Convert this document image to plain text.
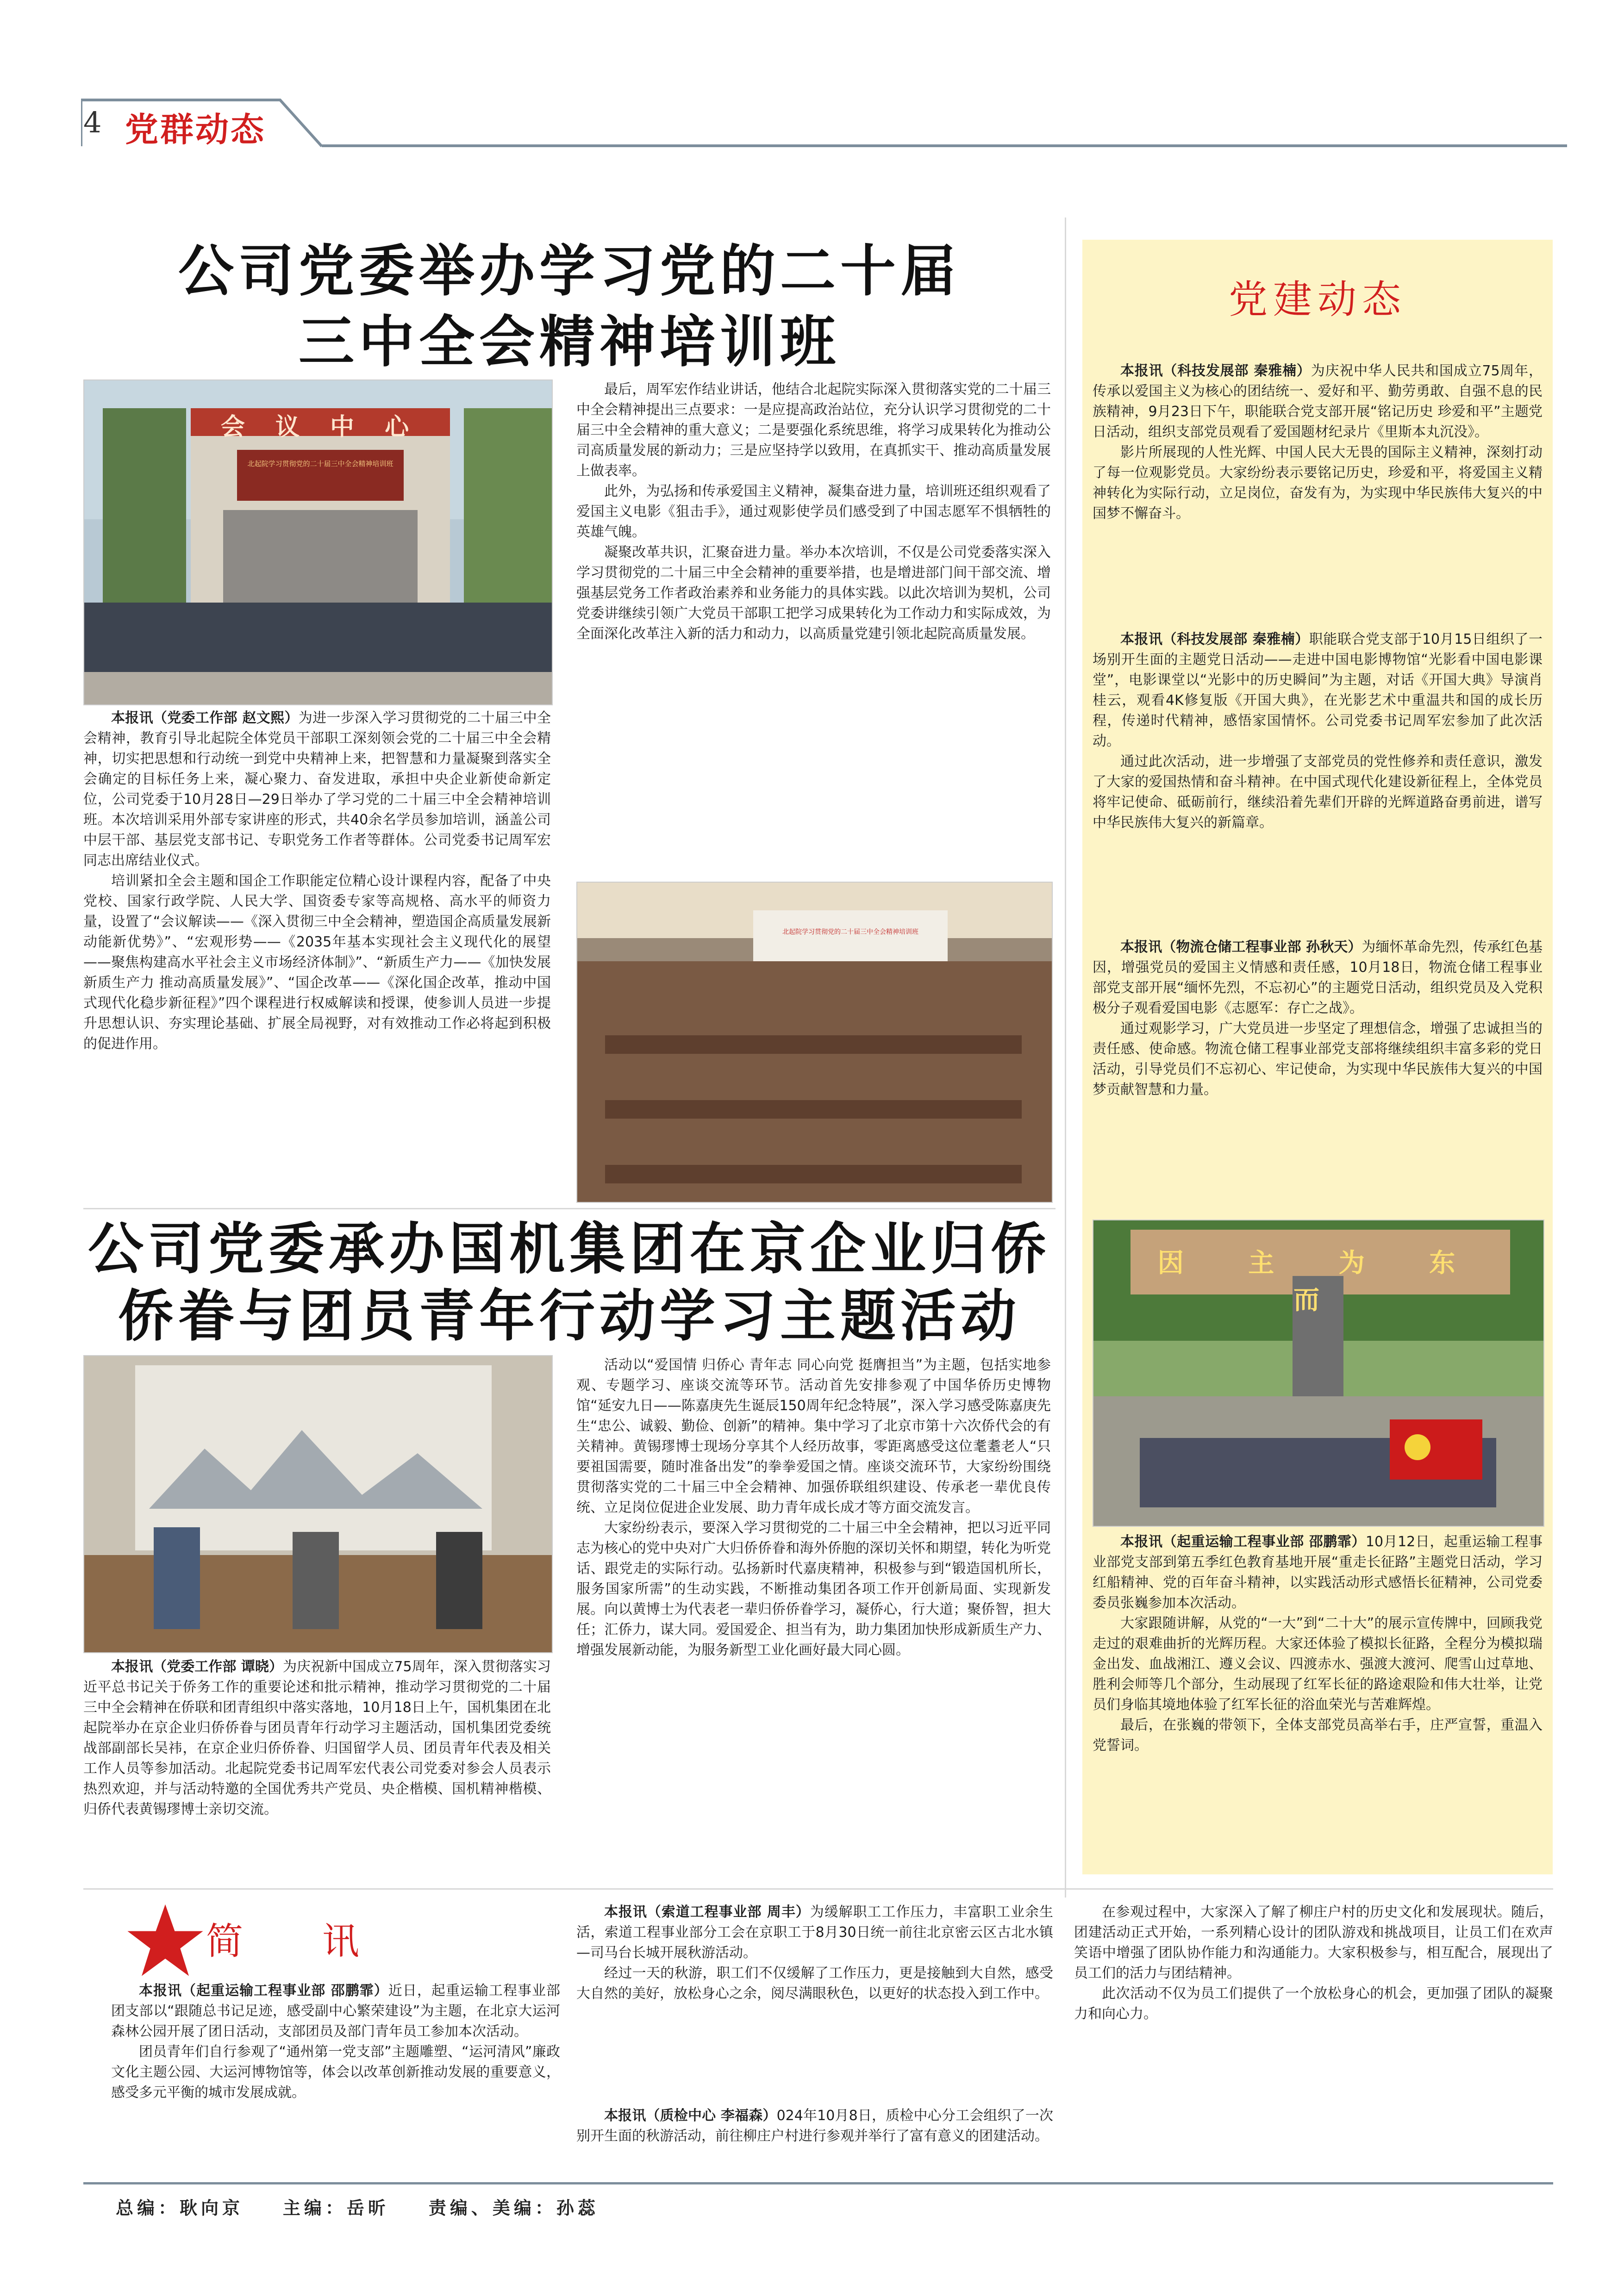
4 党群动态
公司党委举办学习党的二十届
三中全会精神培训班
会 议 中 心
北起院学习贯彻党的二十届三中全会精神培训班

本报讯（党委工作部 赵文熙）为进一步深入学习贯彻党的二十届三中全会精神，教育引导北起院全体党员干部职工深刻领会党的二十届三中全会精神，切实把思想和行动统一到党中央精神上来，把智慧和力量凝聚到落实全会确定的目标任务上来，凝心聚力、奋发进取，承担中央企业新使命新定位，公司党委于10月28日—29日举办了学习党的二十届三中全会精神培训班。本次培训采用外部专家讲座的形式，共40余名学员参加培训，涵盖公司中层干部、基层党支部书记、专职党务工作者等群体。公司党委书记周军宏同志出席结业仪式。

培训紧扣全会主题和国企工作职能定位精心设计课程内容，配备了中央党校、国家行政学院、人民大学、国资委专家等高规格、高水平的师资力量，设置了“会议解读——《深入贯彻三中全会精神，塑造国企高质量发展新动能新优势》”、“宏观形势——《2035年基本实现社会主义现代化的展望——聚焦构建高水平社会主义市场经济体制》”、“新质生产力——《加快发展新质生产力 推动高质量发展》”、“国企改革——《深化国企改革，推动中国式现代化稳步新征程》”四个课程进行权威解读和授课，使参训人员进一步提升思想认识、夯实理论基础、扩展全局视野，对有效推动工作必将起到积极的促进作用。

最后，周军宏作结业讲话，他结合北起院实际深入贯彻落实党的二十届三中全会精神提出三点要求：一是应提高政治站位，充分认识学习贯彻党的二十届三中全会精神的重大意义；二是要强化系统思维，将学习成果转化为推动公司高质量发展的新动力；三是应坚持学以致用，在真抓实干、推动高质量发展上做表率。

此外，为弘扬和传承爱国主义精神，凝集奋进力量，培训班还组织观看了爱国主义电影《狙击手》，通过观影使学员们感受到了中国志愿军不惧牺牲的英雄气魄。

凝聚改革共识，汇聚奋进力量。举办本次培训，不仅是公司党委落实深入学习贯彻党的二十届三中全会精神的重要举措，也是增进部门间干部交流、增强基层党务工作者政治素养和业务能力的具体实践。以此次培训为契机，公司党委讲继续引领广大党员干部职工把学习成果转化为工作动力和实际成效，为全面深化改革注入新的活力和动力，以高质量党建引领北起院高质量发展。

北起院学习贯彻党的二十届三中全会精神培训班
公司党委承办国机集团在京企业归侨
侨眷与团员青年行动学习主题活动

本报讯（党委工作部 谭晓）为庆祝新中国成立75周年，深入贯彻落实习近平总书记关于侨务工作的重要论述和批示精神，推动学习贯彻党的二十届三中全会精神在侨联和团青组织中落实落地，10月18日上午，国机集团在北起院举办在京企业归侨侨眷与团员青年行动学习主题活动，国机集团党委统战部副部长吴祎，在京企业归侨侨眷、归国留学人员、团员青年代表及相关工作人员等参加活动。北起院党委书记周军宏代表公司党委对参会人员表示热烈欢迎，并与活动特邀的全国优秀共产党员、央企楷模、国机精神楷模、归侨代表黄锡璆博士亲切交流。

活动以“爱国情 归侨心 青年志 同心向党 挺膺担当”为主题，包括实地参观、专题学习、座谈交流等环节。活动首先安排参观了中国华侨历史博物馆“延安九日——陈嘉庚先生诞辰150周年纪念特展”，深入学习感受陈嘉庚先生“忠公、诚毅、勤俭、创新”的精神。集中学习了北京市第十六次侨代会的有关精神。黄锡璆博士现场分享其个人经历故事，零距离感受这位耄耋老人“只要祖国需要，随时准备出发”的拳拳爱国之情。座谈交流环节，大家纷纷围绕贯彻落实党的二十届三中全会精神、加强侨联组织建设、传承老一辈优良传统、立足岗位促进企业发展、助力青年成长成才等方面交流发言。

大家纷纷表示，要深入学习贯彻党的二十届三中全会精神，把以习近平同志为核心的党中央对广大归侨侨眷和海外侨胞的深切关怀和期望，转化为听党话、跟党走的实际行动。弘扬新时代嘉庚精神，积极参与到“锻造国机所长，服务国家所需”的生动实践，不断推动集团各项工作开创新局面、实现新发展。向以黄博士为代表老一辈归侨侨眷学习，凝侨心，行大道；聚侨智，担大任；汇侨力，谋大同。爱国爱企、担当有为，助力集团加快形成新质生产力、增强发展新动能，为服务新型工业化画好最大同心圆。

党建动态

本报讯（科技发展部 秦雅楠）为庆祝中华人民共和国成立75周年，传承以爱国主义为核心的团结统一、爱好和平、勤劳勇敢、自强不息的民族精神，9月23日下午，职能联合党支部开展“铭记历史 珍爱和平”主题党日活动，组织支部党员观看了爱国题材纪录片《里斯本丸沉没》。

影片所展现的人性光辉、中国人民大无畏的国际主义精神，深刻打动了每一位观影党员。大家纷纷表示要铭记历史，珍爱和平，将爱国主义精神转化为实际行动，立足岗位，奋发有为，为实现中华民族伟大复兴的中国梦不懈奋斗。

本报讯（科技发展部 秦雅楠）职能联合党支部于10月15日组织了一场别开生面的主题党日活动——走进中国电影博物馆“光影看中国电影课堂”，电影课堂以“光影中的历史瞬间”为主题，对话《开国大典》导演肖桂云，观看4K修复版《开国大典》，在光影艺术中重温共和国的成长历程，传递时代精神，感悟家国情怀。公司党委书记周军宏参加了此次活动。

通过此次活动，进一步增强了支部党员的党性修养和责任意识，激发了大家的爱国热情和奋斗精神。在中国式现代化建设新征程上，全体党员将牢记使命、砥砺前行，继续沿着先辈们开辟的光辉道路奋勇前进，谱写中华民族伟大复兴的新篇章。

本报讯（物流仓储工程事业部 孙秋天）为缅怀革命先烈，传承红色基因，增强党员的爱国主义情感和责任感，10月18日，物流仓储工程事业部党支部开展“缅怀先烈，不忘初心”的主题党日活动，组织党员及入党积极分子观看爱国电影《志愿军：存亡之战》。

通过观影学习，广大党员进一步坚定了理想信念，增强了忠诚担当的责任感、使命感。物流仓储工程事业部党支部将继续组织丰富多彩的党日活动，引导党员们不忘初心、牢记使命，为实现中华民族伟大复兴的中国梦贡献智慧和力量。

因 主 为 东 而

本报讯（起重运输工程事业部 邵鹏霏）10月12日，起重运输工程事业部党支部到第五季红色教育基地开展“重走长征路”主题党日活动，学习红船精神、党的百年奋斗精神，以实践活动形式感悟长征精神，公司党委委员张巍参加本次活动。

大家跟随讲解，从党的“一大”到“二十大”的展示宣传牌中，回顾我党走过的艰难曲折的光辉历程。大家还体验了模拟长征路，全程分为模拟瑞金出发、血战湘江、遵义会议、四渡赤水、强渡大渡河、爬雪山过草地、胜利会师等几个部分，生动展现了红军长征的路途艰险和伟大壮举，让党员们身临其境地体验了红军长征的浴血荣光与苦难辉煌。

最后，在张巍的带领下，全体支部党员高举右手，庄严宣誓，重温入党誓词。

简  讯

本报讯（起重运输工程事业部 邵鹏霏）近日，起重运输工程事业部团支部以“跟随总书记足迹，感受副中心繁荣建设”为主题，在北京大运河森林公园开展了团日活动，支部团员及部门青年员工参加本次活动。

团员青年们自行参观了“通州第一党支部”主题雕塑、“运河清风”廉政文化主题公园、大运河博物馆等，体会以改革创新推动发展的重要意义，感受多元平衡的城市发展成就。

本报讯（索道工程事业部 周丰）为缓解职工工作压力，丰富职工业余生活，索道工程事业部分工会在京职工于8月30日统一前往北京密云区古北水镇—司马台长城开展秋游活动。

经过一天的秋游，职工们不仅缓解了工作压力，更是接触到大自然，感受大自然的美好，放松身心之余，阅尽满眼秋色，以更好的状态投入到工作中。

本报讯（质检中心 李福森）024年10月8日，质检中心分工会组织了一次别开生面的秋游活动，前往柳庄户村进行参观并举行了富有意义的团建活动。

在参观过程中，大家深入了解了柳庄户村的历史文化和发展现状。随后，团建活动正式开始，一系列精心设计的团队游戏和挑战项目，让员工们在欢声笑语中增强了团队协作能力和沟通能力。大家积极参与，相互配合，展现出了员工们的活力与团结精神。

此次活动不仅为员工们提供了一个放松身心的机会，更加强了团队的凝聚力和向心力。

总编：耿向京    主编：岳昕    责编、美编：孙蕊
